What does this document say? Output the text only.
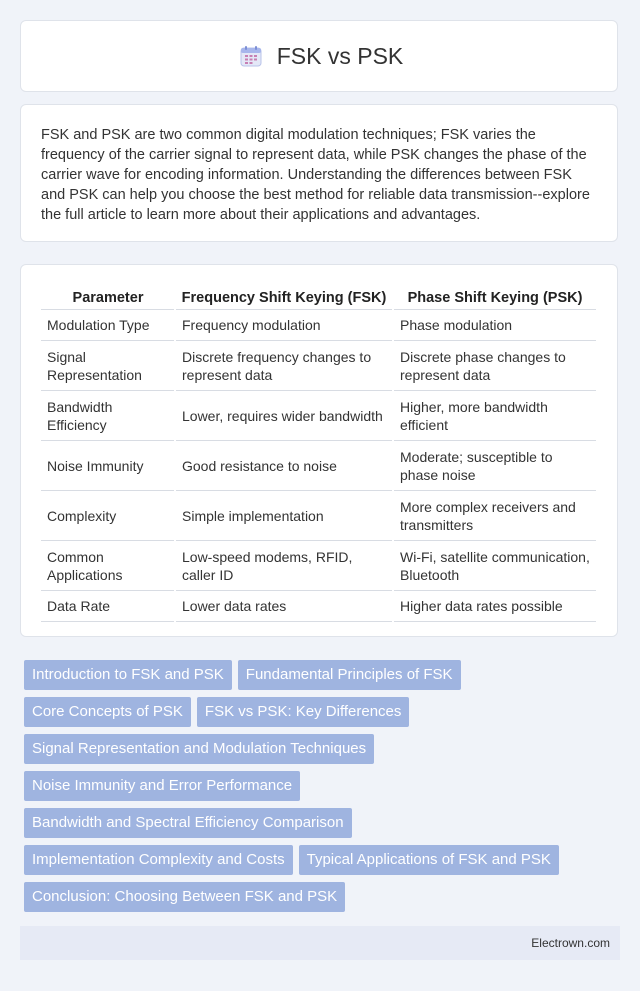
FSK vs PSK

FSK and PSK are two common digital modulation techniques; FSK varies the frequency of the carrier signal to represent data, while PSK changes the phase of the carrier wave for encoding information. Understanding the differences between FSK and PSK can help you choose the best method for reliable data transmission--explore the full article to learn more about their applications and advantages.

Parameter	Frequency Shift Keying (FSK)	Phase Shift Keying (PSK)
Modulation Type	Frequency modulation	Phase modulation
Signal Representation	Discrete frequency changes to represent data	Discrete phase changes to represent data
Bandwidth Efficiency	Lower, requires wider bandwidth	Higher, more bandwidth efficient
Noise Immunity	Good resistance to noise	Moderate; susceptible to phase noise
Complexity	Simple implementation	More complex receivers and transmitters
Common Applications	Low-speed modems, RFID, caller ID	Wi-Fi, satellite communication, Bluetooth
Data Rate	Lower data rates	Higher data rates possible
Introduction to FSK and PSK Fundamental Principles of FSK
Core Concepts of PSK FSK vs PSK: Key Differences
Signal Representation and Modulation Techniques
Noise Immunity and Error Performance
Bandwidth and Spectral Efficiency Comparison
Implementation Complexity and Costs Typical Applications of FSK and PSK
Conclusion: Choosing Between FSK and PSK
Electrown.com
